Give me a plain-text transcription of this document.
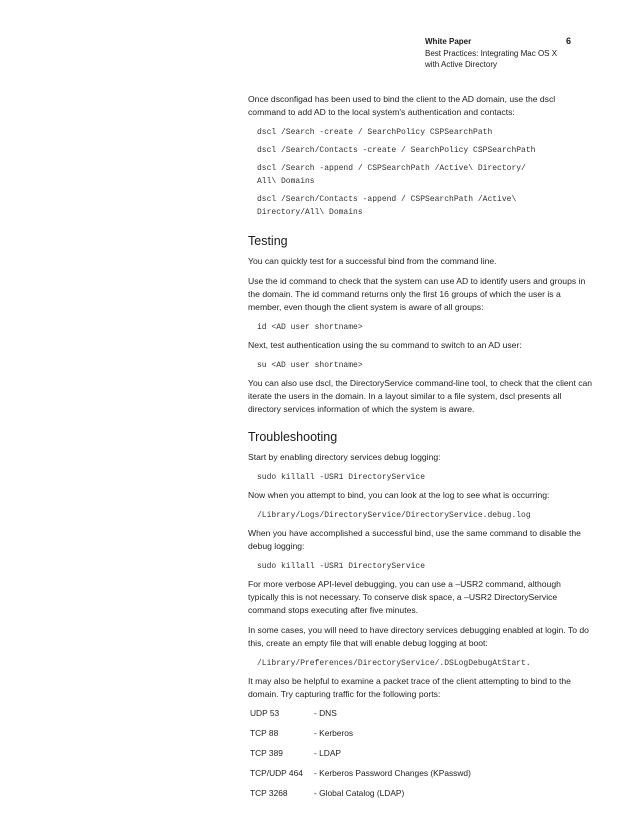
White Paper
Best Practices: Integrating Mac OS X
with Active Directory
6

Once dsconfigad has been used to bind the client to the AD domain, use the dscl command to add AD to the local system's authentication and contacts:

dscl /Search -create / SearchPolicy CSPSearchPath
dscl /Search/Contacts -create / SearchPolicy CSPSearchPath
dscl /Search -append / CSPSearchPath /Active\ Directory/
All\ Domains
dscl /Search/Contacts -append / CSPSearchPath /Active\
Directory/All\ Domains
Testing

You can quickly test for a successful bind from the command line.

Use the id command to check that the system can use AD to identify users and groups in the domain. The id command returns only the first 16 groups of which the user is a member, even though the client system is aware of all groups:

id <AD user shortname>

Next, test authentication using the su command to switch to an AD user:

su <AD user shortname>

You can also use dscl, the DirectoryService command-line tool, to check that the client can iterate the users in the domain. In a layout similar to a file system, dscl presents all directory services information of which the system is aware.

Troubleshooting

Start by enabling directory services debug logging:

sudo killall -USR1 DirectoryService

Now when you attempt to bind, you can look at the log to see what is occurring:

/Library/Logs/DirectoryService/DirectoryService.debug.log

When you have accomplished a successful bind, use the same command to disable the debug logging:

sudo killall -USR1 DirectoryService

For more verbose API-level debugging, you can use a –USR2 command, although typically this is not necessary. To conserve disk space, a –USR2 DirectoryService command stops executing after five minutes.

In some cases, you will need to have directory services debugging enabled at login. To do this, create an empty file that will enable debug logging at boot:

/Library/Preferences/DirectoryService/.DSLogDebugAtStart.

It may also be helpful to examine a packet trace of the client attempting to bind to the domain. Try capturing traffic for the following ports:

UDP 53	- DNS
TCP 88	- Kerberos
TCP 389	- LDAP
TCP/UDP 464	- Kerberos Password Changes (KPasswd)
TCP 3268	- Global Catalog (LDAP)
